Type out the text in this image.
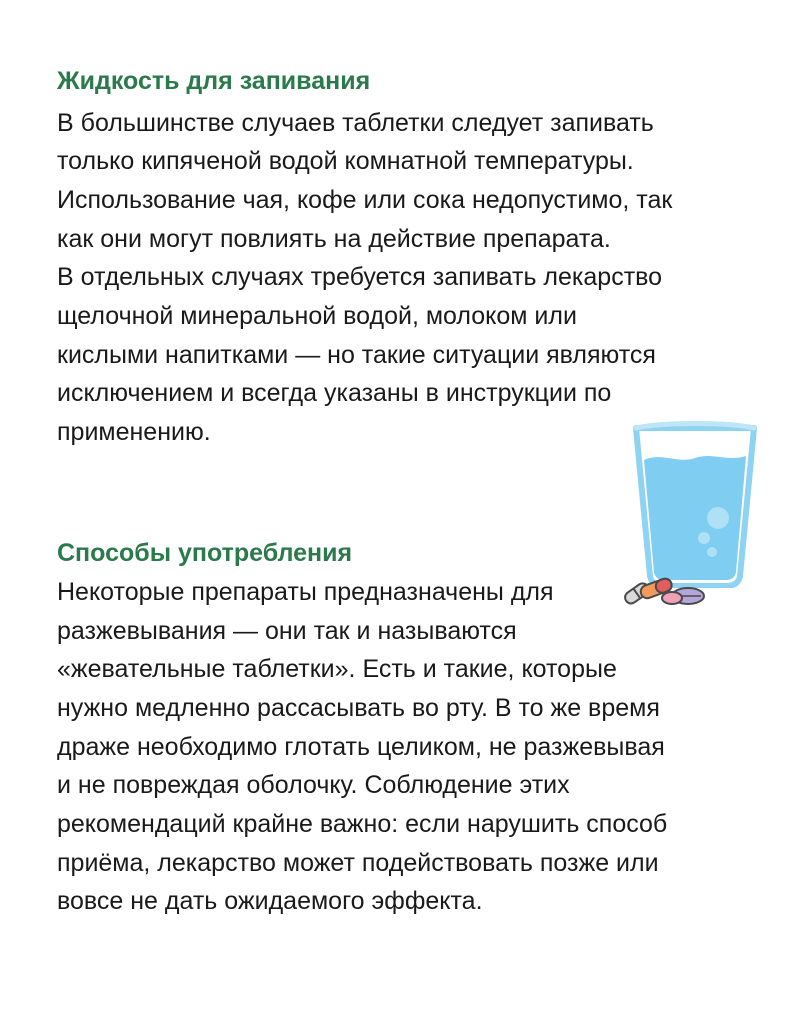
Жидкость для запивания

В большинстве случаев таблетки следует запивать

только кипяченой водой комнатной температуры.

Использование чая, кофе или сока недопустимо, так

как они могут повлиять на действие препарата.

В отдельных случаях требуется запивать лекарство

щелочной минеральной водой, молоком или

кислыми напитками — но такие ситуации являются

исключением и всегда указаны в инструкции по

применению.

Способы употребления

Некоторые препараты предназначены для

разжевывания — они так и называются

«жевательные таблетки». Есть и такие, которые

нужно медленно рассасывать во рту. В то же время

драже необходимо глотать целиком, не разжевывая

и не повреждая оболочку. Соблюдение этих

рекомендаций крайне важно: если нарушить способ

приёма, лекарство может подействовать позже или

вовсе не дать ожидаемого эффекта.
